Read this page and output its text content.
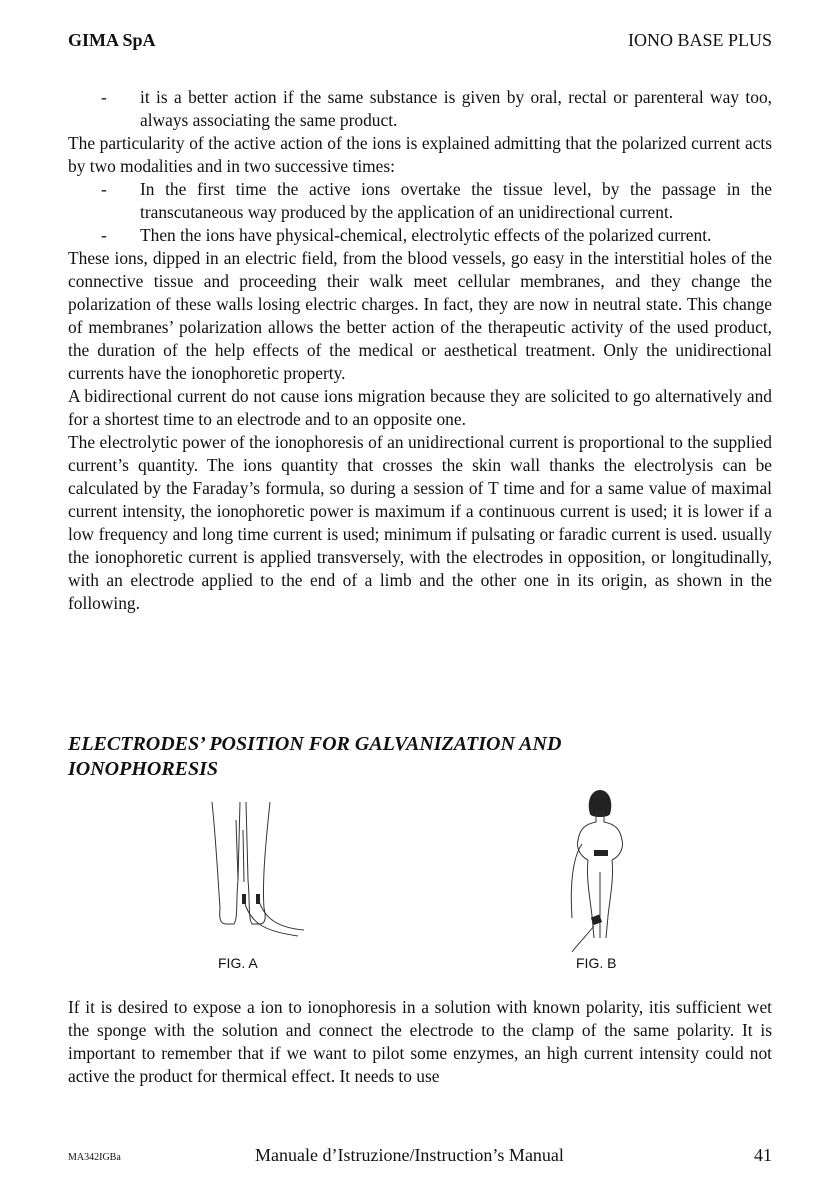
GIMA SpA	IONO BASE PLUS
- it is a better action if the same substance is given by oral, rectal or parenteral way too, always associating the same product.

The particularity of the active action of the ions is explained admitting that the polarized current acts by two modalities and in two successive times:

- In the first time the active ions overtake the tissue level, by the passage in the transcutaneous way produced by the application of an unidirectional current.
- Then the ions have physical-chemical, electrolytic effects of the polarized current.

These ions, dipped in an electric field, from the blood vessels, go easy in the interstitial holes of the connective tissue and proceeding their walk meet cellular membranes, and they change the polarization of these walls losing electric charges. In fact, they are now in neutral state. This change of membranes’ polarization allows the better action of the therapeutic activity of the used product, the duration of the help effects of the medical or aesthetical treatment. Only the unidirectional currents have the ionophoretic property.

A bidirectional current do not cause ions migration because they are solicited to go alternatively and for a shortest time to an electrode and to an opposite one.

The electrolytic power of the ionophoresis of an unidirectional current is proportional to the supplied current’s quantity. The ions quantity that crosses the skin wall thanks the electrolysis can be calculated by the Faraday’s formula, so during a session of T time and for a same value of maximal current intensity, the ionophoretic power is maximum if a continuous current is used; it is lower if a low frequency and long time current is used; minimum if pulsating or faradic current is used. usually the ionophoretic current is applied transversely, with the electrodes in opposition, or longitudinally, with an electrode applied to the end of a limb and the other one in its origin, as shown in the following.

ELECTRODES’ POSITION FOR GALVANIZATION AND
IONOPHORESIS
FIG. A	FIG. B

If it is desired to expose a ion to ionophoresis in a solution with known polarity, itis sufficient wet the sponge with the solution and connect the electrode to the clamp of the same polarity. It is important to remember that if we want to pilot some enzymes, an high current intensity could not active the product for thermical effect. It needs to use

MA342IGBa	Manuale d’Istruzione/Instruction’s Manual	41
